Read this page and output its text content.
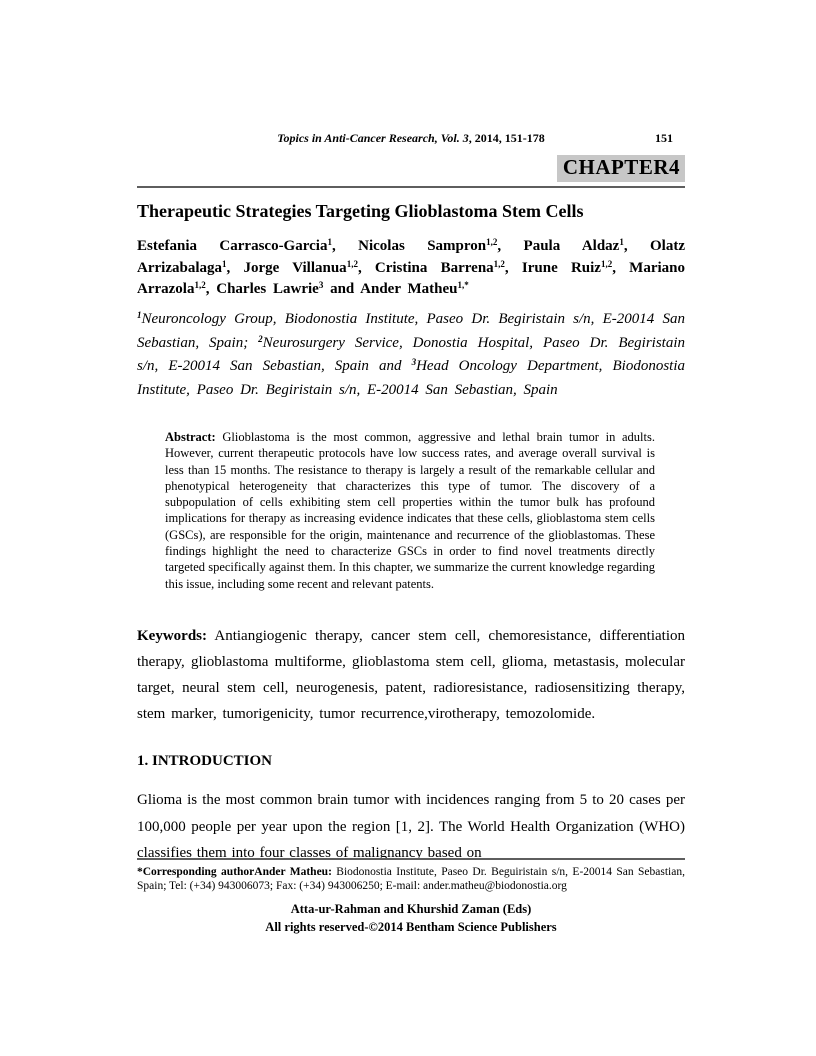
Topics in Anti-Cancer Research, Vol. 3, 2014, 151-178	151
CHAPTER4
Therapeutic Strategies Targeting Glioblastoma Stem Cells

Estefania Carrasco-Garcia$^1$, Nicolas Sampron$^{1,2}$, Paula Aldaz$^1$, Olatz Arrizabalaga$^1$, Jorge Villanua$^{1,2}$, Cristina Barrena$^{1,2}$, Irune Ruiz$^{1,2}$, Mariano Arrazola$^{1,2}$, Charles Lawrie$^3$ and Ander Matheu$^{1,*}$

$^1$Neuroncology Group, Biodonostia Institute, Paseo Dr. Begiristain s/n, E-20014 San Sebastian, Spain; $^2$Neurosurgery Service, Donostia Hospital, Paseo Dr. Begiristain s/n, E-20014 San Sebastian, Spain and $^3$Head Oncology Department, Biodonostia Institute, Paseo Dr. Begiristain s/n, E-20014 San Sebastian, Spain

Abstract: Glioblastoma is the most common, aggressive and lethal brain tumor in adults. However, current therapeutic protocols have low success rates, and average overall survival is less than 15 months. The resistance to therapy is largely a result of the remarkable cellular and phenotypical heterogeneity that characterizes this type of tumor. The discovery of a subpopulation of cells exhibiting stem cell properties within the tumor bulk has profound implications for therapy as increasing evidence indicates that these cells, glioblastoma stem cells (GSCs), are responsible for the origin, maintenance and recurrence of the glioblastomas. These findings highlight the need to characterize GSCs in order to find novel treatments directly targeted specifically against them. In this chapter, we summarize the current knowledge regarding this issue, including some recent and relevant patents.

Keywords: Antiangiogenic therapy, cancer stem cell, chemoresistance, differentiation therapy, glioblastoma multiforme, glioblastoma stem cell, glioma, metastasis, molecular target, neural stem cell, neurogenesis, patent, radioresistance, radiosensitizing therapy, stem marker, tumorigenicity, tumor recurrence,virotherapy, temozolomide.

1. INTRODUCTION

Glioma is the most common brain tumor with incidences ranging from 5 to 20 cases per 100,000 people per year upon the region [1, 2]. The World Health Organization (WHO) classifies them into four classes of malignancy based on

*Corresponding authorAnder Matheu: Biodonostia Institute, Paseo Dr. Beguiristain s/n, E-20014 San Sebastian, Spain; Tel: (+34) 943006073; Fax: (+34) 943006250; E-mail: ander.matheu@biodonostia.org
Atta-ur-Rahman and Khurshid Zaman (Eds)
All rights reserved-©2014 Bentham Science Publishers
